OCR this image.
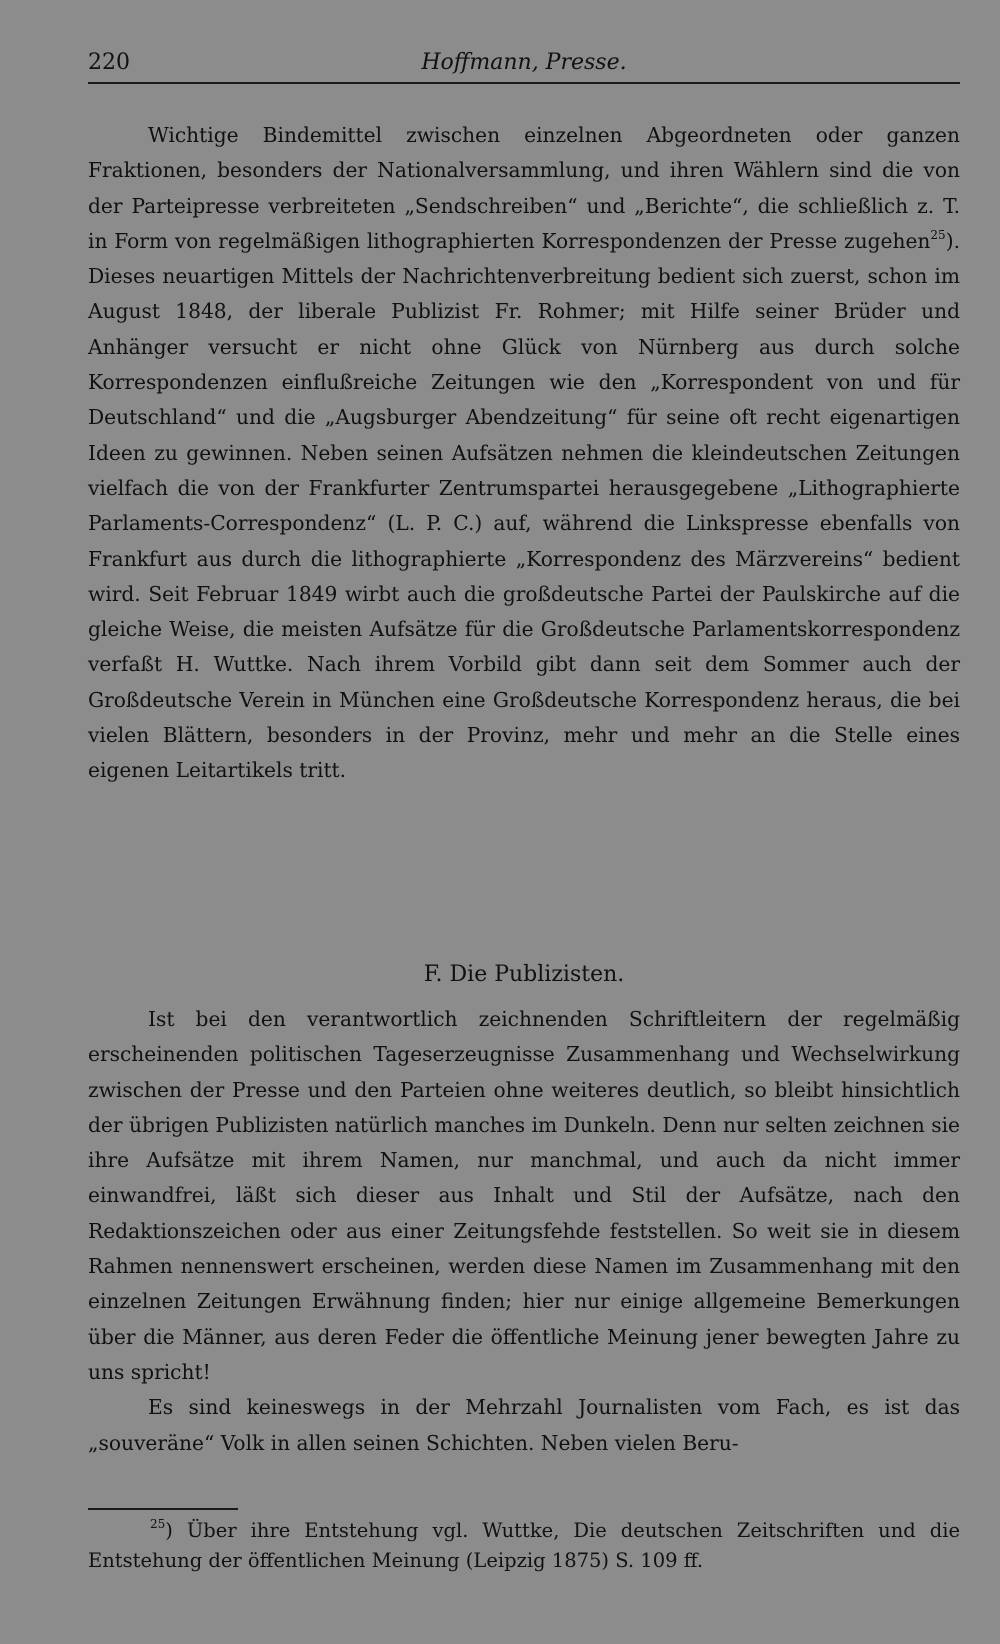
220	Hoffmann, Presse.

Wichtige Bindemittel zwischen einzelnen Abgeordneten oder ganzen Fraktionen, besonders der Nationalversammlung, und ihren Wählern sind die von der Parteipresse verbreiteten „Sendschreiben“ und „Berichte“, die schließlich z. T. in Form von regelmäßigen lithographierten Korrespondenzen der Presse zugehen$^{25}$). Dieses neuartigen Mittels der Nachrichtenverbreitung bedient sich zuerst, schon im August 1848, der liberale Publizist Fr. Rohmer; mit Hilfe seiner Brüder und Anhänger versucht er nicht ohne Glück von Nürnberg aus durch solche Korrespondenzen einflußreiche Zeitungen wie den „Korrespondent von und für Deutschland“ und die „Augsburger Abendzeitung“ für seine oft recht eigenartigen Ideen zu gewinnen. Neben seinen Aufsätzen nehmen die kleindeutschen Zeitungen vielfach die von der Frankfurter Zentrumspartei herausgegebene „Lithographierte Parlaments-Correspondenz“ (L. P. C.) auf, während die Linkspresse ebenfalls von Frankfurt aus durch die lithographierte „Korrespondenz des Märzvereins“ bedient wird. Seit Februar 1849 wirbt auch die großdeutsche Partei der Paulskirche auf die gleiche Weise, die meisten Aufsätze für die Großdeutsche Parlamentskorrespondenz verfaßt H. Wuttke. Nach ihrem Vorbild gibt dann seit dem Sommer auch der Großdeutsche Verein in München eine Großdeutsche Korrespondenz heraus, die bei vielen Blättern, besonders in der Provinz, mehr und mehr an die Stelle eines eigenen Leitartikels tritt.

F. Die Publizisten.

Ist bei den verantwortlich zeichnenden Schriftleitern der regelmäßig erscheinenden politischen Tageserzeugnisse Zusammenhang und Wechselwirkung zwischen der Presse und den Parteien ohne weiteres deutlich, so bleibt hinsichtlich der übrigen Publizisten natürlich manches im Dunkeln. Denn nur selten zeichnen sie ihre Aufsätze mit ihrem Namen, nur manchmal, und auch da nicht immer einwandfrei, läßt sich dieser aus Inhalt und Stil der Aufsätze, nach den Redaktionszeichen oder aus einer Zeitungsfehde feststellen. So weit sie in diesem Rahmen nennenswert erscheinen, werden diese Namen im Zusammenhang mit den einzelnen Zeitungen Erwähnung finden; hier nur einige allgemeine Bemerkungen über die Männer, aus deren Feder die öffentliche Meinung jener bewegten Jahre zu uns spricht!

Es sind keineswegs in der Mehrzahl Journalisten vom Fach, es ist das „souveräne“ Volk in allen seinen Schichten. Neben vielen Beru-

$^{25}$) Über ihre Entstehung vgl. Wuttke, Die deutschen Zeitschriften und die Entstehung der öffentlichen Meinung (Leipzig 1875) S. 109 ff.
